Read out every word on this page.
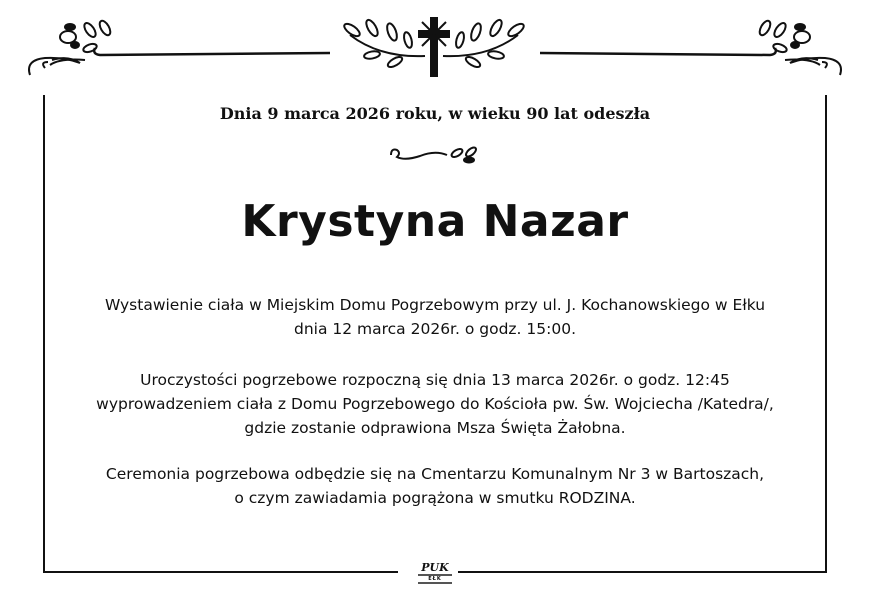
Dnia 9 marca 2026 roku, w wieku 90 lat odeszła
Krystyna Nazar
Wystawienie ciała w Miejskim Domu Pogrzebowym przy ul. J. Kochanowskiego w Ełku
dnia 12 marca 2026r. o godz. 15:00.
Uroczystości pogrzebowe rozpoczną się dnia 13 marca 2026r. o godz. 12:45
wyprowadzeniem ciała z Domu Pogrzebowego do Kościoła pw. Św. Wojciecha /Katedra/,
gdzie zostanie odprawiona Msza Święta Żałobna.
Ceremonia pogrzebowa odbędzie się na Cmentarzu Komunalnym Nr 3 w Bartoszach,
o czym zawiadamia pogrążona w smutku RODZINA.
PUK
EŁK
